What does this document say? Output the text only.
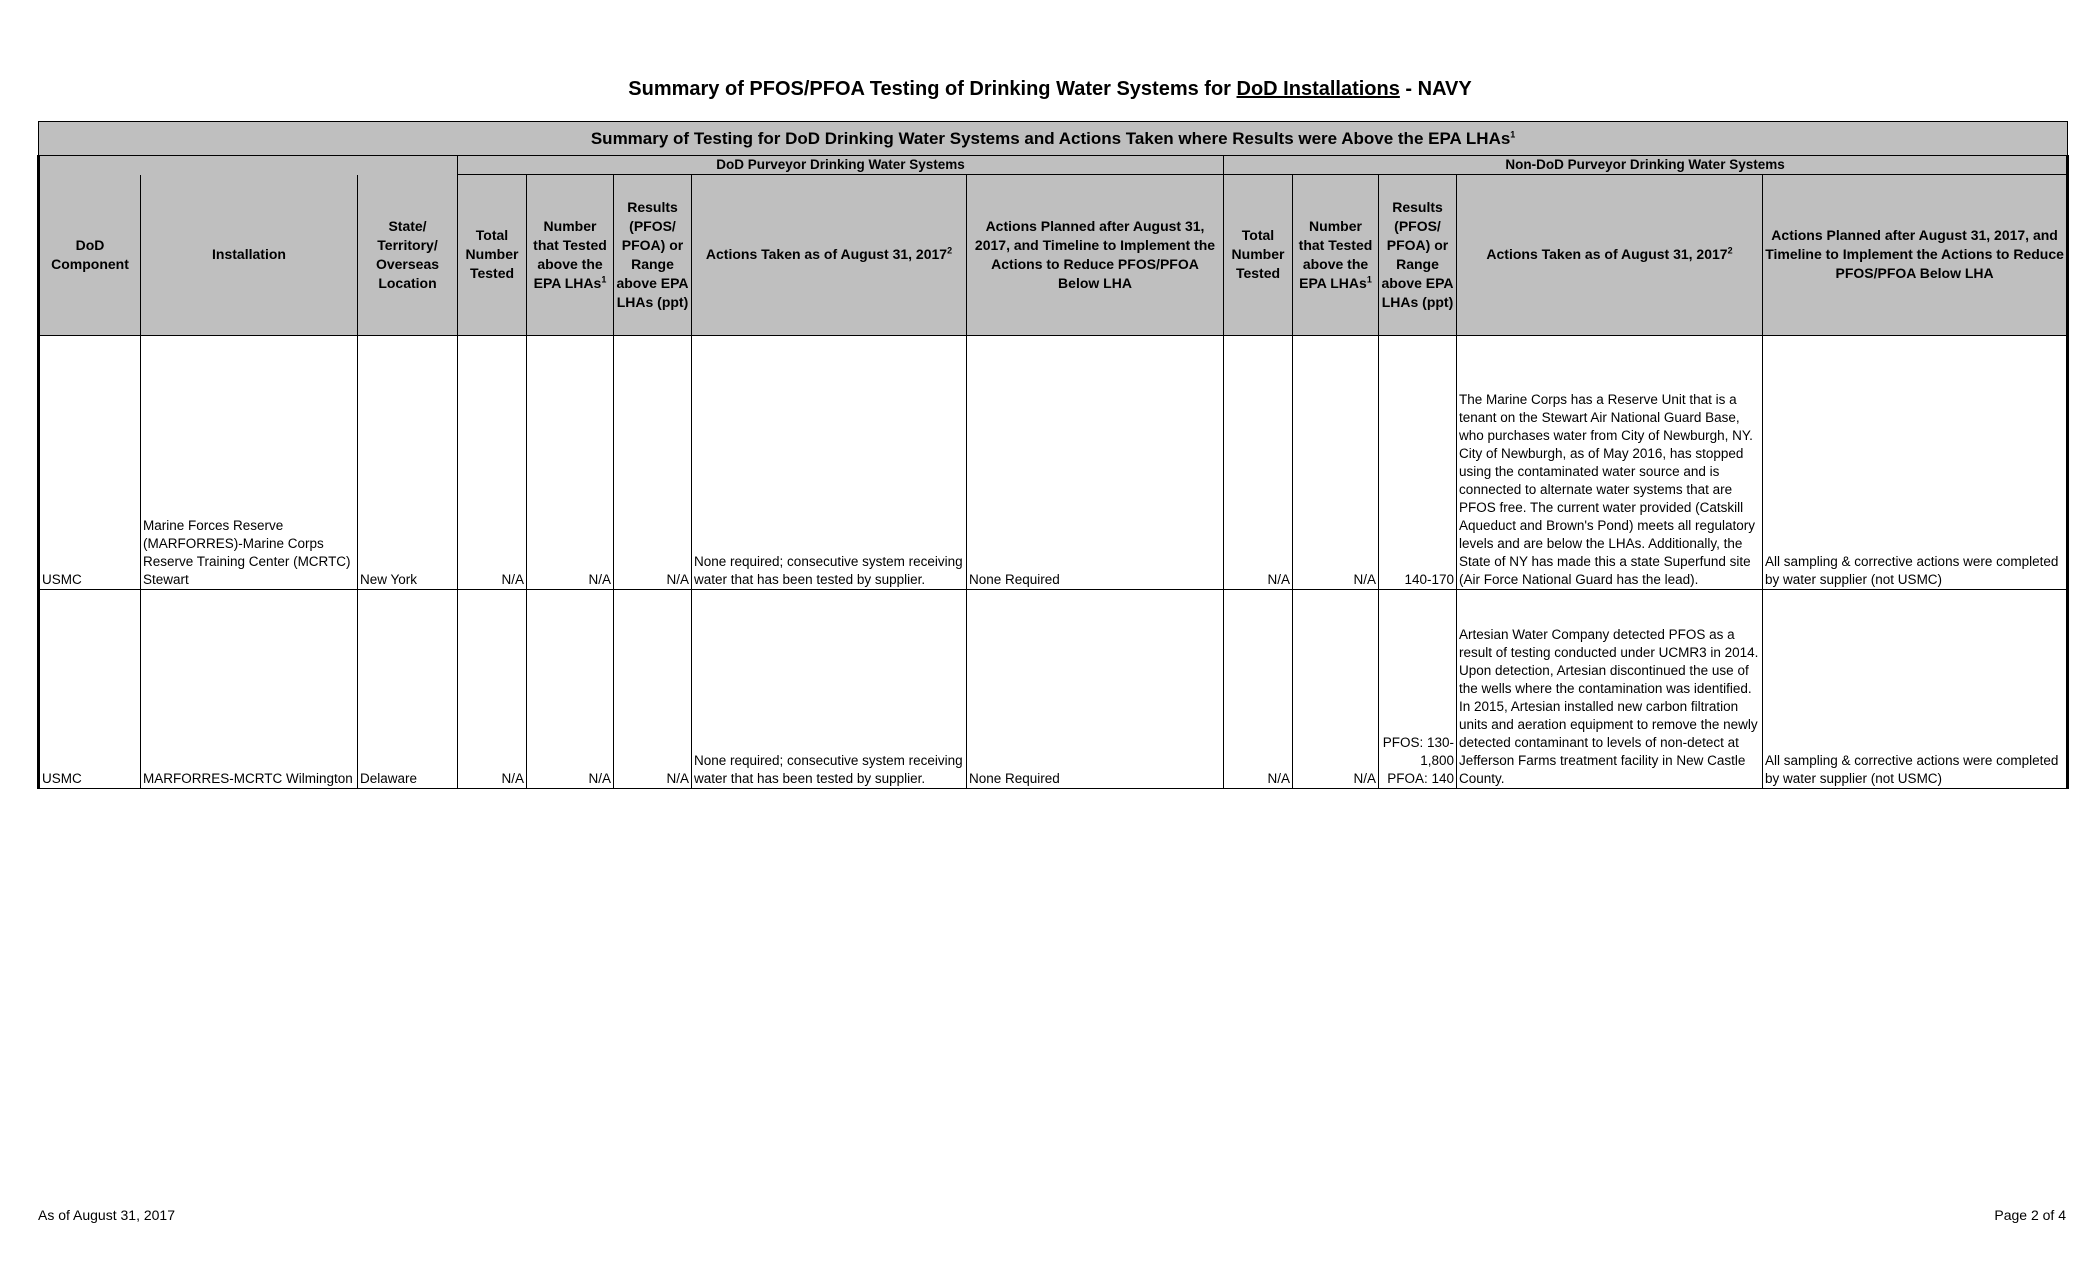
Summary of PFOS/PFOA Testing of Drinking Water Systems for DoD Installations - NAVY
Summary of Testing for DoD Drinking Water Systems and Actions Taken where Results were Above the EPA LHAs$^1$
			DoD Purveyor Drinking Water Systems					Non-DoD Purveyor Drinking Water Systems				
DoD Component	Installation	State/ Territory/ Overseas Location	Total Number Tested	Number that Tested above the EPA LHAs$^1$	Results (PFOS/ PFOA) or Range above EPA LHAs (ppt)	Actions Taken as of August 31, 2017$^2$	Actions Planned after August 31, 2017, and Timeline to Implement the Actions to Reduce PFOS/PFOA Below LHA	Total Number Tested	Number that Tested above the EPA LHAs$^1$	Results (PFOS/ PFOA) or Range above EPA LHAs (ppt)	Actions Taken as of August 31, 2017$^2$	Actions Planned after August 31, 2017, and Timeline to Implement the Actions to Reduce PFOS/PFOA Below LHA
USMC	Marine Forces Reserve (MARFORRES)-Marine Corps Reserve Training Center (MCRTC) Stewart	New York	N/A	N/A	N/A	None required; consecutive system receiving water that has been tested by supplier.	None Required	N/A	N/A	140-170	The Marine Corps has a Reserve Unit that is a tenant on the Stewart Air National Guard Base, who purchases water from City of Newburgh, NY. City of Newburgh, as of May 2016, has stopped using the contaminated water source and is connected to alternate water systems that are PFOS free. The current water provided (Catskill Aqueduct and Brown's Pond) meets all regulatory levels and are below the LHAs. Additionally, the State of NY has made this a state Superfund site (Air Force National Guard has the lead).	All sampling & corrective actions were completed by water supplier (not USMC)
USMC	MARFORRES-MCRTC Wilmington	Delaware	N/A	N/A	N/A	None required; consecutive system receiving water that has been tested by supplier.	None Required	N/A	N/A	PFOS: 130-1,800 PFOA: 140	Artesian Water Company detected PFOS as a result of testing conducted under UCMR3 in 2014. Upon detection, Artesian discontinued the use of the wells where the contamination was identified. In 2015, Artesian installed new carbon filtration units and aeration equipment to remove the newly detected contaminant to levels of non-detect at Jefferson Farms treatment facility in New Castle County.	All sampling & corrective actions were completed by water supplier (not USMC)
As of August 31, 2017	Page 2 of 4
